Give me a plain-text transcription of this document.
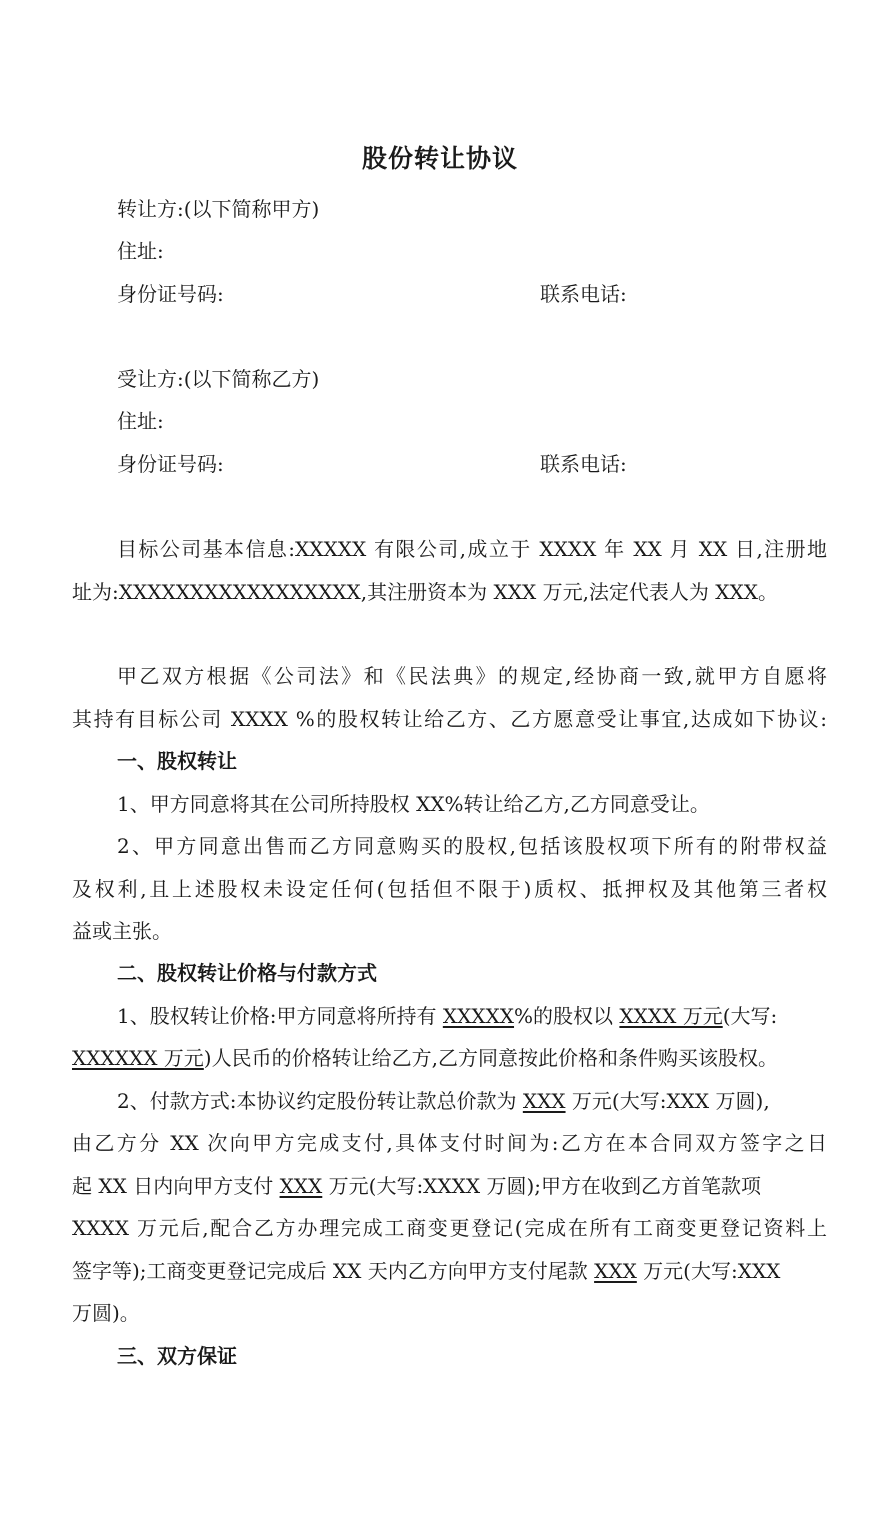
股份转让协议
转让方:(以下简称甲方)
住址:
身份证号码:	联系电话:
受让方:(以下简称乙方)
住址:
身份证号码:	联系电话:
目标公司基本信息:XXXXX 有限公司,成立于 XXXX 年 XX 月 XX 日,注册地
址为:XXXXXXXXXXXXXXXXX,其注册资本为 XXX 万元,法定代表人为 XXX。
甲乙双方根据《公司法》和《民法典》的规定,经协商一致,就甲方自愿将
其持有目标公司 XXXX %的股权转让给乙方、乙方愿意受让事宜,达成如下协议:
一、股权转让
1、甲方同意将其在公司所持股权 XX%转让给乙方,乙方同意受让。
2、甲方同意出售而乙方同意购买的股权,包括该股权项下所有的附带权益
及权利,且上述股权未设定任何(包括但不限于)质权、抵押权及其他第三者权
益或主张。
二、股权转让价格与付款方式
1、股权转让价格:甲方同意将所持有 XXXXX%的股权以 XXXX 万元(大写:
XXXXXX 万元)人民币的价格转让给乙方,乙方同意按此价格和条件购买该股权。
2、付款方式:本协议约定股份转让款总价款为 XXX 万元(大写:XXX 万圆),
由乙方分 XX 次向甲方完成支付,具体支付时间为:乙方在本合同双方签字之日
起 XX 日内向甲方支付 XXX 万元(大写:XXXX 万圆);甲方在收到乙方首笔款项
XXXX 万元后,配合乙方办理完成工商变更登记(完成在所有工商变更登记资料上
签字等);工商变更登记完成后 XX 天内乙方向甲方支付尾款 XXX 万元(大写:XXX
万圆)。
三、双方保证
